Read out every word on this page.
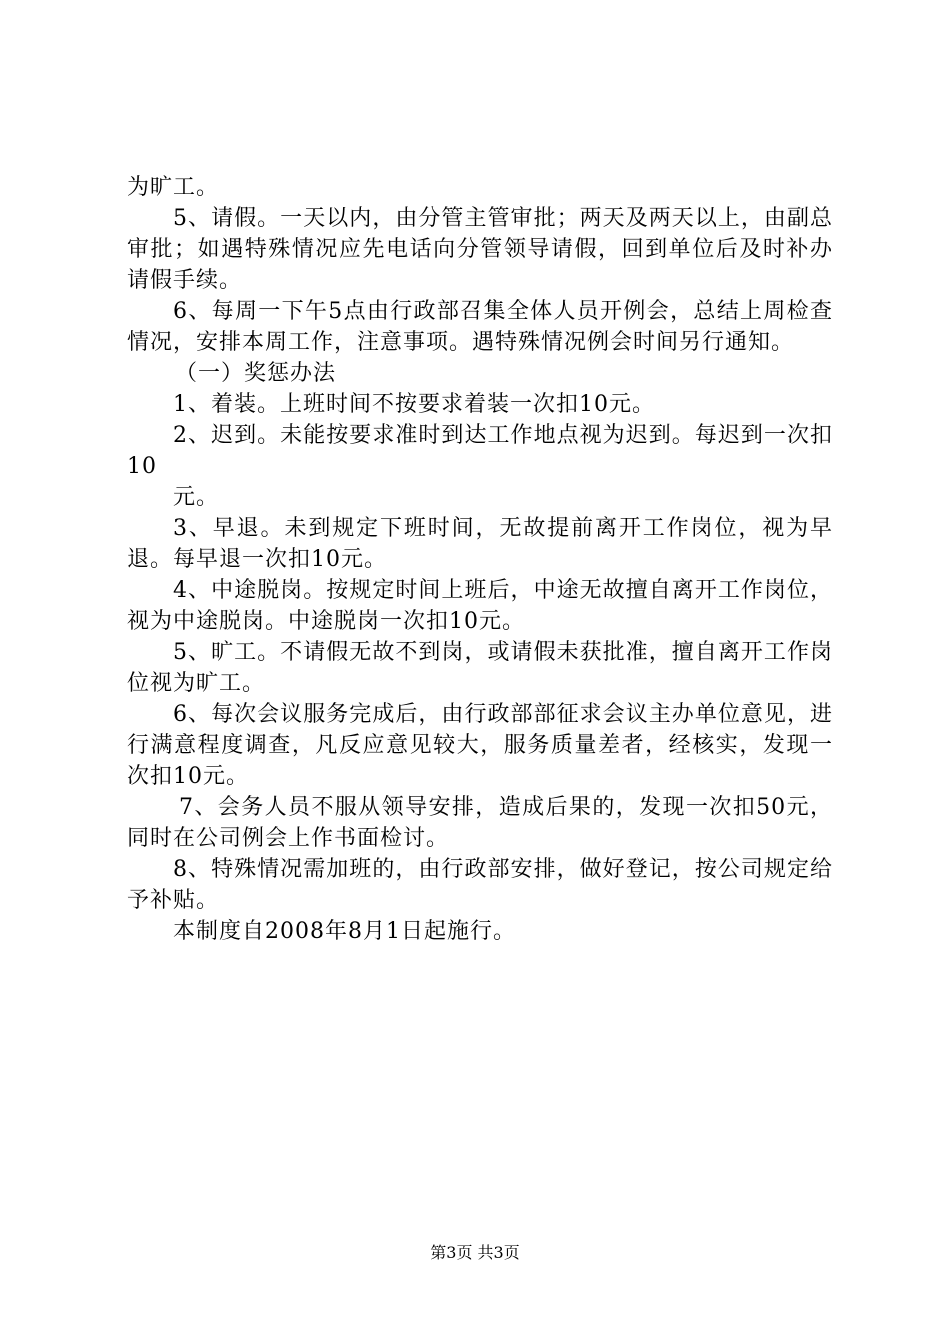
为旷工。

5、请假。一天以内，由分管主管审批；两天及两天以上，由副总审批；如遇特殊情况应先电话向分管领导请假，回到单位后及时补办请假手续。

6、每周一下午5点由行政部召集全体人员开例会，总结上周检查情况，安排本周工作，注意事项。遇特殊情况例会时间另行通知。

（一）奖惩办法

1、着装。上班时间不按要求着装一次扣10元。

2、迟到。未能按要求准时到达工作地点视为迟到。每迟到一次扣10

元。

3、早退。未到规定下班时间，无故提前离开工作岗位，视为早退。每早退一次扣10元。

4、中途脱岗。按规定时间上班后，中途无故擅自离开工作岗位，视为中途脱岗。中途脱岗一次扣10元。

5、旷工。不请假无故不到岗，或请假未获批准，擅自离开工作岗位视为旷工。

6、每次会议服务完成后，由行政部部征求会议主办单位意见，进行满意程度调查，凡反应意见较大，服务质量差者，经核实，发现一次扣10元。

7、会务人员不服从领导安排，造成后果的，发现一次扣50元，同时在公司例会上作书面检讨。

8、特殊情况需加班的，由行政部安排，做好登记，按公司规定给予补贴。

本制度自2008年8月1日起施行。

第3页 共3页
